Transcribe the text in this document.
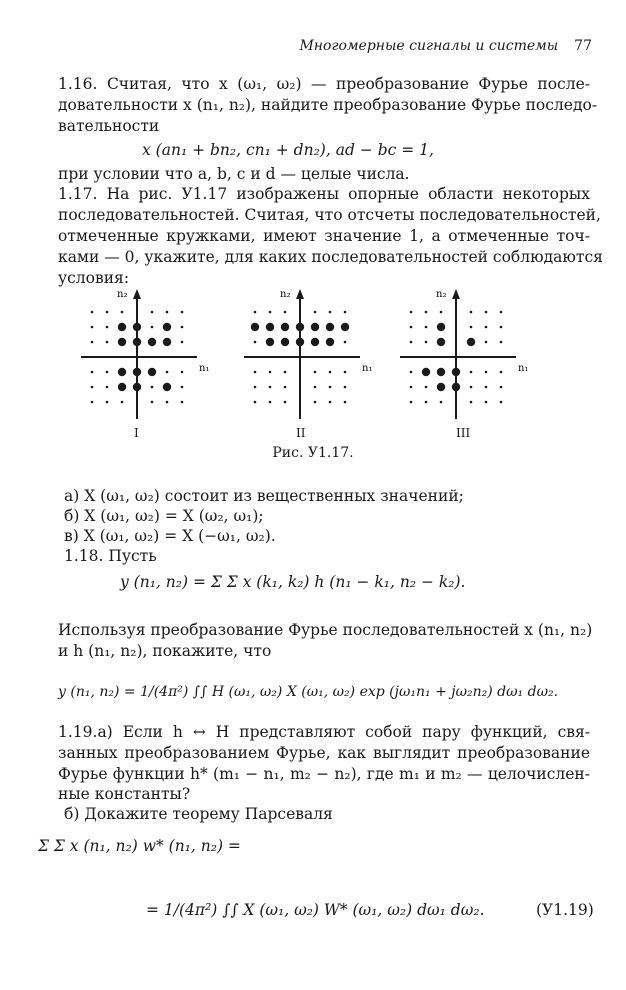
Многомерные сигналы и системы 77
1.16. Считая, что x (ω₁, ω₂) — преобразование Фурье после-
довательности x (n₁, n₂), найдите преобразование Фурье последо-
вательности
x (an₁ + bn₂, cn₁ + dn₂), ad − bc = 1,
при условии что a, b, c и d — целые числа.
1.17. На рис. У1.17 изображены опорные области некоторых
последовательностей. Считая, что отсчеты последовательностей,
отмеченные кружками, имеют значение 1, а отмеченные точ-
ками — 0, укажите, для каких последовательностей соблюдаются
условия:
n₁
n₂
n₁
n₂
n₁
n₂
I	II	III
Рис. У1.17.
а) X (ω₁, ω₂) состоит из вещественных значений;
б) X (ω₁, ω₂) = X (ω₂, ω₁);
в) X (ω₁, ω₂) = X (−ω₁, ω₂).
1.18. Пусть
y (n₁, n₂) = Σ Σ x (k₁, k₂) h (n₁ − k₁, n₂ − k₂).
Используя преобразование Фурье последовательностей x (n₁, n₂)
и h (n₁, n₂), покажите, что
y (n₁, n₂) = 1/(4π²) ∫∫ H (ω₁, ω₂) X (ω₁, ω₂) exp (jω₁n₁ + jω₂n₂) dω₁ dω₂.
1.19.а) Если h ↔ H представляют собой пару функций, свя-
занных преобразованием Фурье, как выглядит преобразование
Фурье функции h* (m₁ − n₁, m₂ − n₂), где m₁ и m₂ — целочислен-
ные константы?
б) Докажите теорему Парсеваля
Σ Σ x (n₁, n₂) w* (n₁, n₂) =
= 1/(4π²) ∫∫ X (ω₁, ω₂) W* (ω₁, ω₂) dω₁ dω₂.	(У1.19)
